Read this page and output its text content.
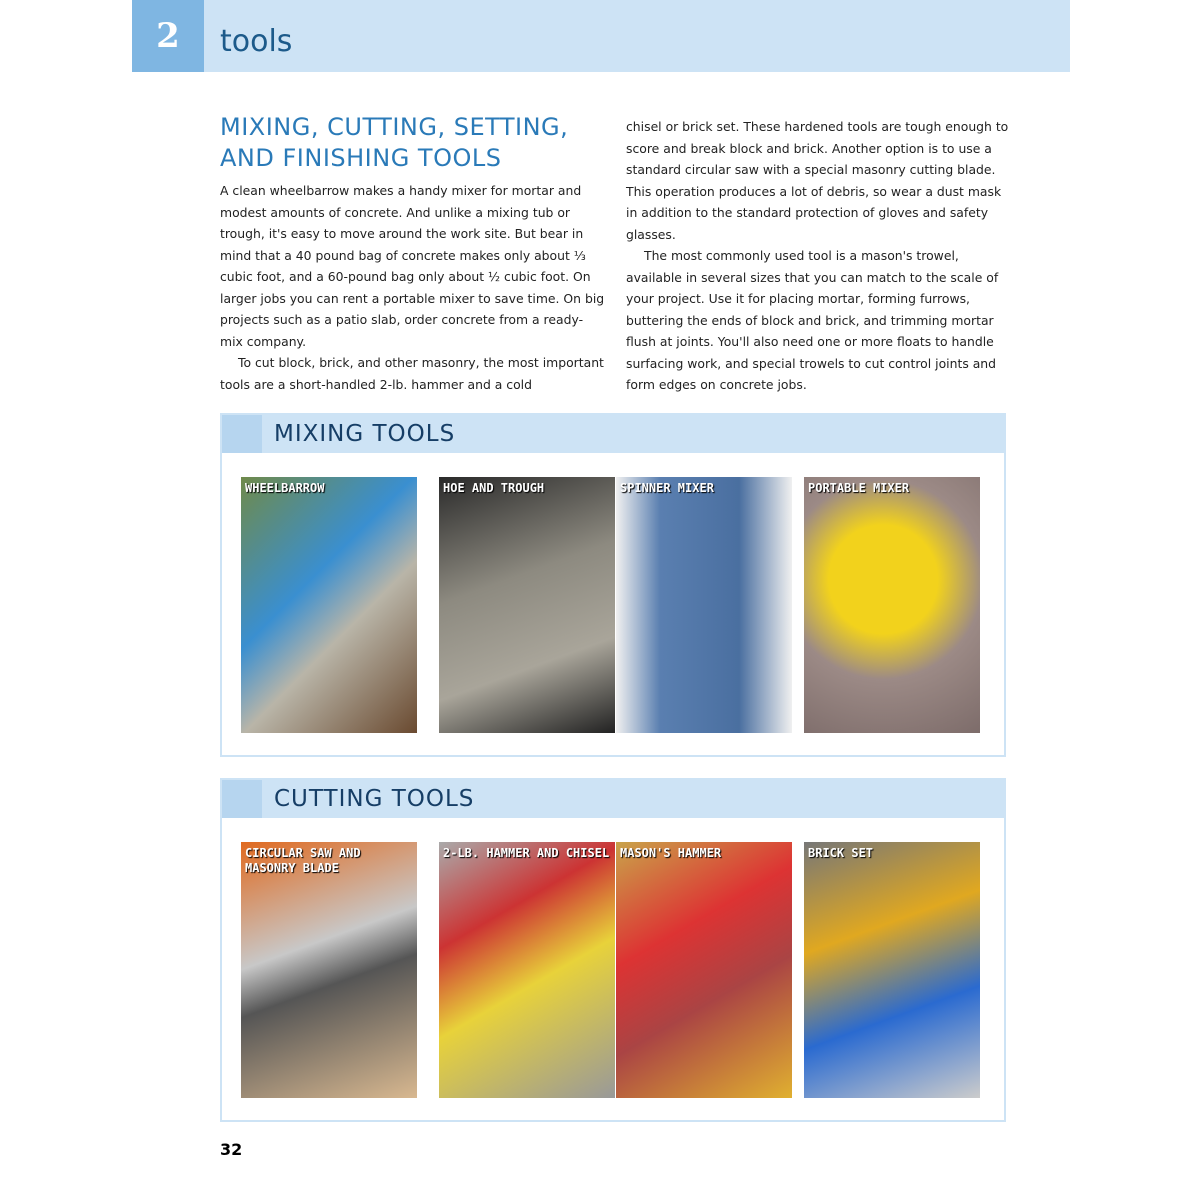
2	tools
MIXING, CUTTING, SETTING,
AND FINISHING TOOLS

A clean wheelbarrow makes a handy mixer for mortar and modest amounts of concrete. And unlike a mixing tub or trough, it's easy to move around the work site. But bear in mind that a 40 pound bag of concrete makes only about ⅓ cubic foot, and a 60-pound bag only about ½ cubic foot. On larger jobs you can rent a portable mixer to save time. On big projects such as a patio slab, order concrete from a ready-mix company.

To cut block, brick, and other masonry, the most important tools are a short-handled 2-lb. hammer and a cold

chisel or brick set. These hardened tools are tough enough to score and break block and brick. Another option is to use a standard circular saw with a special masonry cutting blade. This operation produces a lot of debris, so wear a dust mask in addition to the standard protection of gloves and safety glasses.

The most commonly used tool is a mason's trowel, available in several sizes that you can match to the scale of your project. Use it for placing mortar, forming furrows, buttering the ends of block and brick, and trimming mortar flush at joints. You'll also need one or more floats to handle surfacing work, and special trowels to cut control joints and form edges on concrete jobs.

MIXING TOOLS
WHEELBARROW	HOE AND TROUGH	SPINNER MIXER	PORTABLE MIXER
CUTTING TOOLS
CIRCULAR SAW AND MASONRY BLADE
2-LB. HAMMER AND CHISEL MASON'S HAMMER	BRICK SET
32
